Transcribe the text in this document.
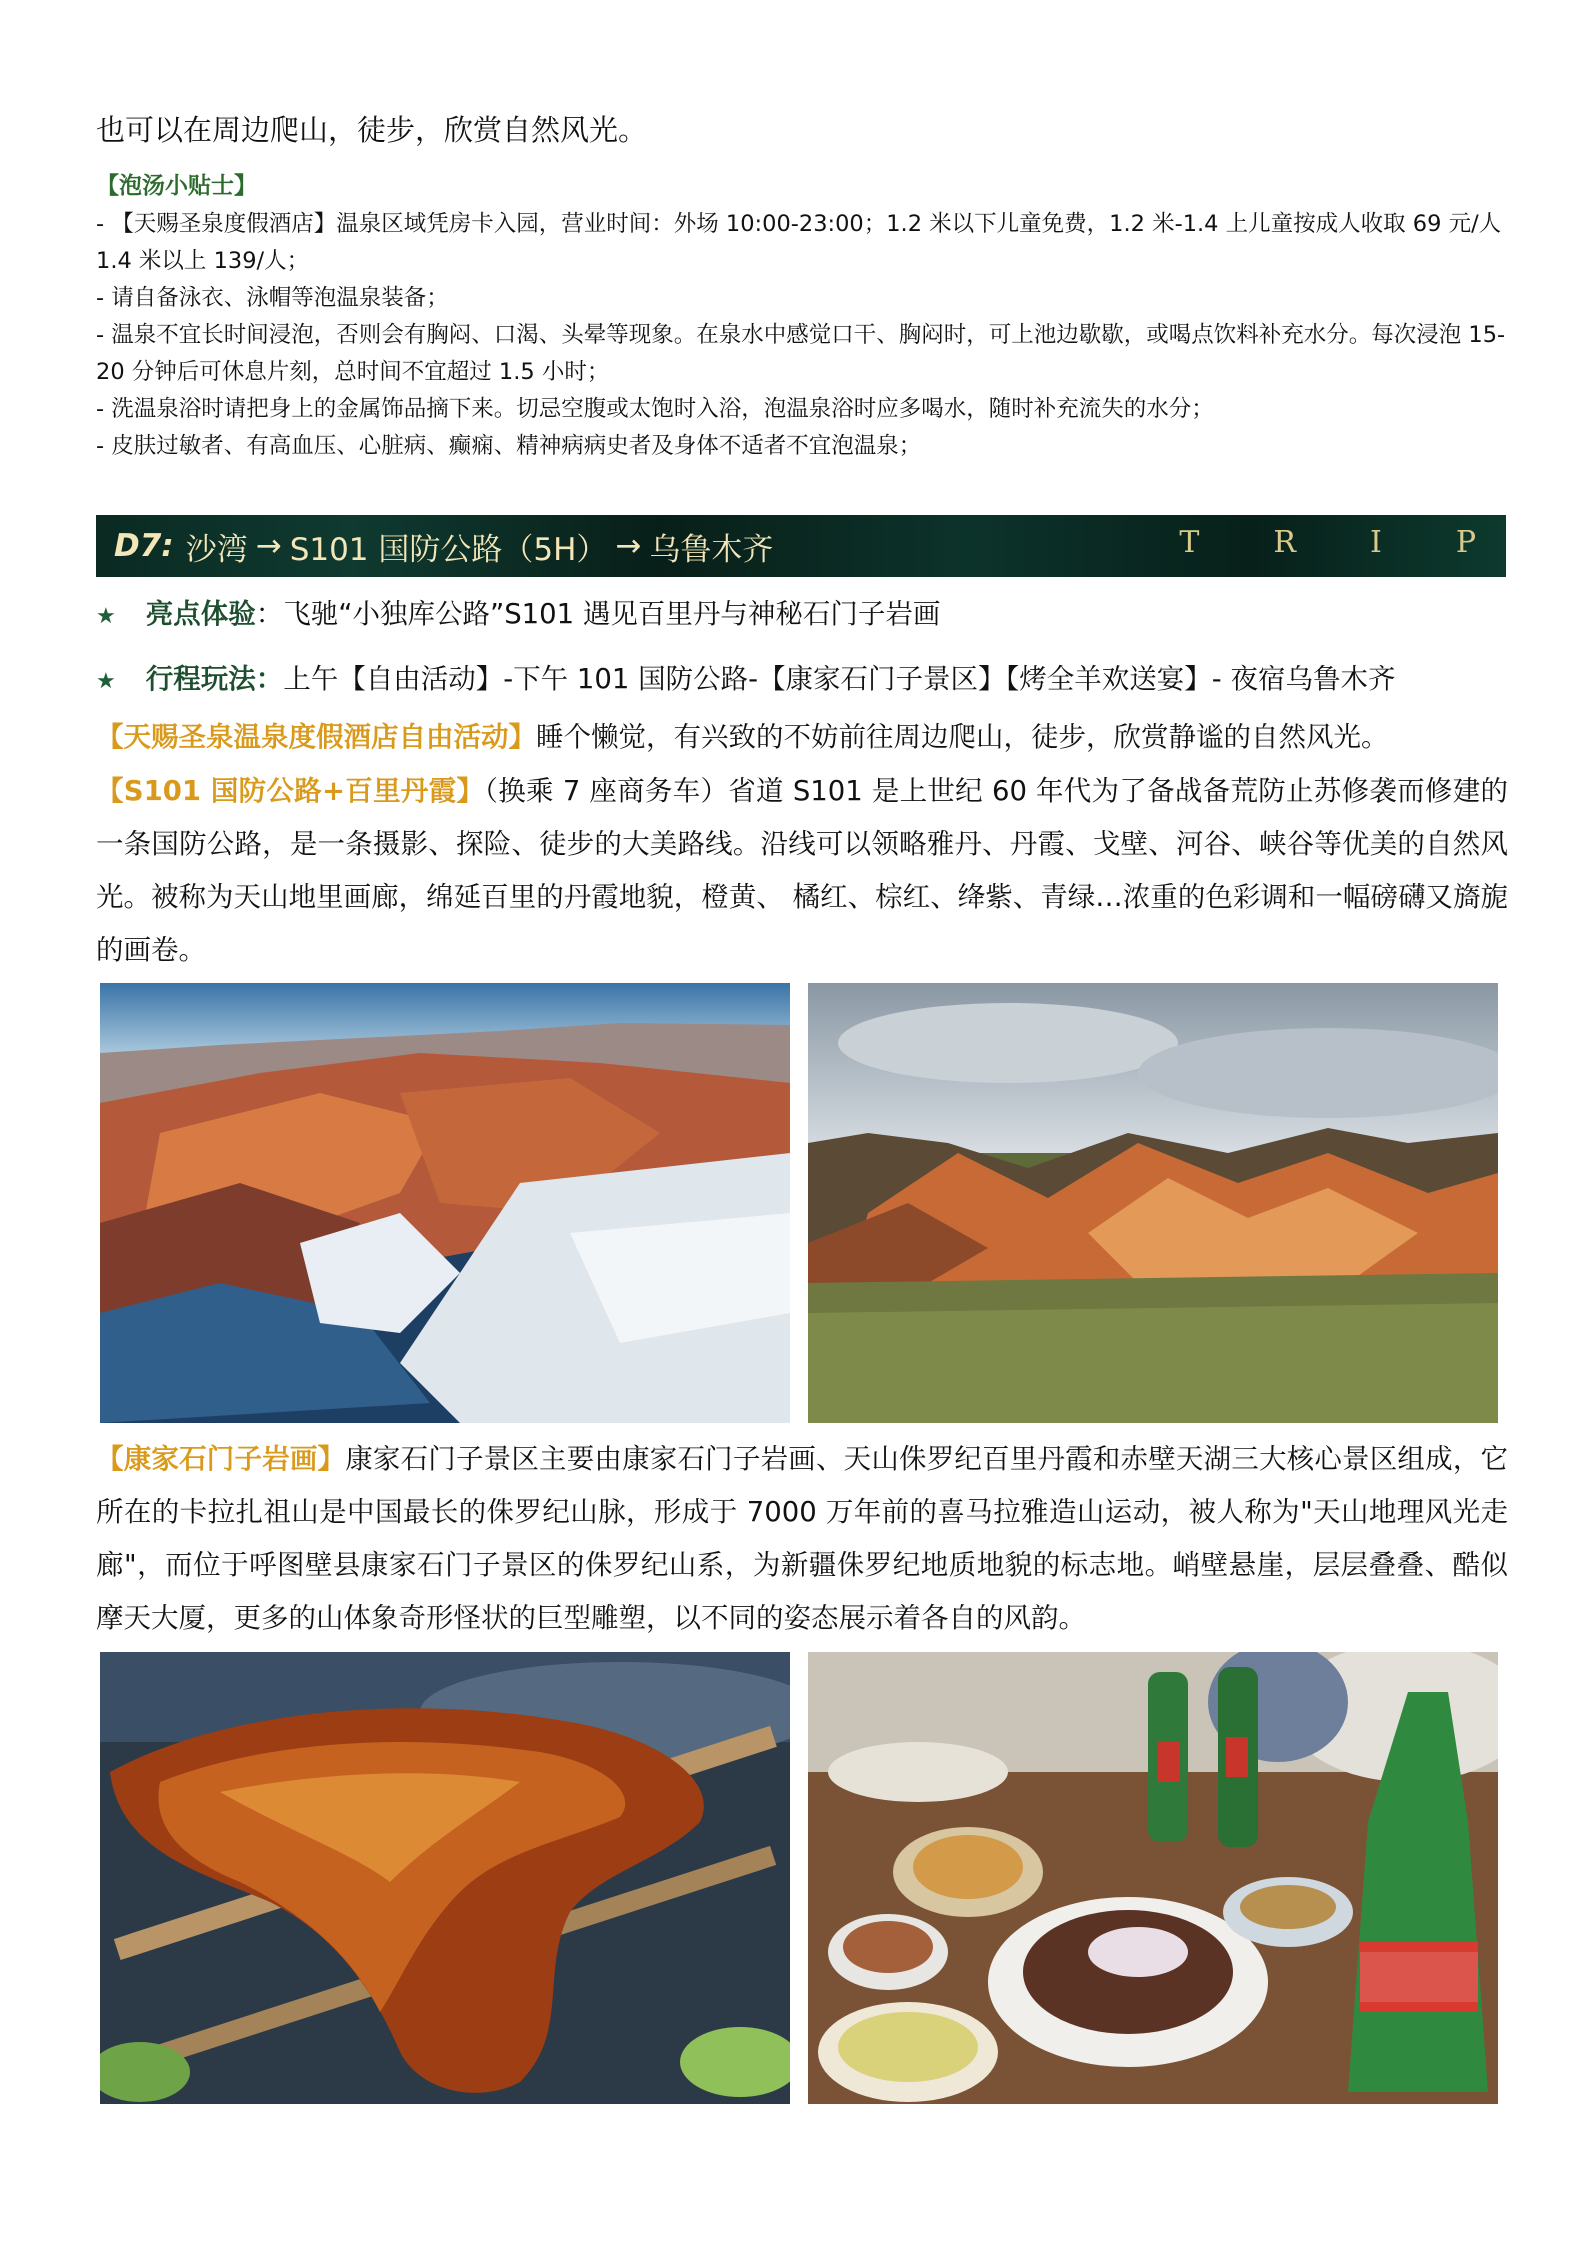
也可以在周边爬山，徒步，欣赏自然风光。
【泡汤小贴士】
- 【天赐圣泉度假酒店】温泉区域凭房卡入园，营业时间：外场 10:00-23:00；1.2 米以下儿童免费，1.2 米-1.4 上儿童按成人收取 69 元/人 1.4 米以上 139/人；
- 请自备泳衣、泳帽等泡温泉装备；
- 温泉不宜长时间浸泡，否则会有胸闷、口渴、头晕等现象。在泉水中感觉口干、胸闷时，可上池边歇歇，或喝点饮料补充水分。每次浸泡 15-20 分钟后可休息片刻，总时间不宜超过 1.5 小时；
- 洗温泉浴时请把身上的金属饰品摘下来。切忌空腹或太饱时入浴，泡温泉浴时应多喝水，随时补充流失的水分；
- 皮肤过敏者、有高血压、心脏病、癫痫、精神病病史者及身体不适者不宜泡温泉；
D7: 沙湾 → S101 国防公路（5H） → 乌鲁木齐	T R I P
★ 亮点体验：飞驰“小独库公路”S101 遇见百里丹与神秘石门子岩画
★ 行程玩法：上午【自由活动】-下午 101 国防公路-【康家石门子景区】【烤全羊欢送宴】- 夜宿乌鲁木齐

【天赐圣泉温泉度假酒店自由活动】睡个懒觉，有兴致的不妨前往周边爬山，徒步，欣赏静谧的自然风光。

【S101 国防公路+百里丹霞】（换乘 7 座商务车）省道 S101 是上世纪 60 年代为了备战备荒防止苏修袭而修建的一条国防公路，是一条摄影、探险、徒步的大美路线。沿线可以领略雅丹、丹霞、戈壁、河谷、峡谷等优美的自然风光。被称为天山地里画廊，绵延百里的丹霞地貌，橙黄、 橘红、棕红、绛紫、青绿…浓重的色彩调和一幅磅礴又旖旎的画卷。

【康家石门子岩画】康家石门子景区主要由康家石门子岩画、天山侏罗纪百里丹霞和赤壁天湖三大核心景区组成，它所在的卡拉扎祖山是中国最长的侏罗纪山脉，形成于 7000 万年前的喜马拉雅造山运动，被人称为"天山地理风光走廊"，而位于呼图壁县康家石门子景区的侏罗纪山系，为新疆侏罗纪地质地貌的标志地。峭壁悬崖，层层叠叠、酷似摩天大厦，更多的山体象奇形怪状的巨型雕塑，以不同的姿态展示着各自的风韵。
